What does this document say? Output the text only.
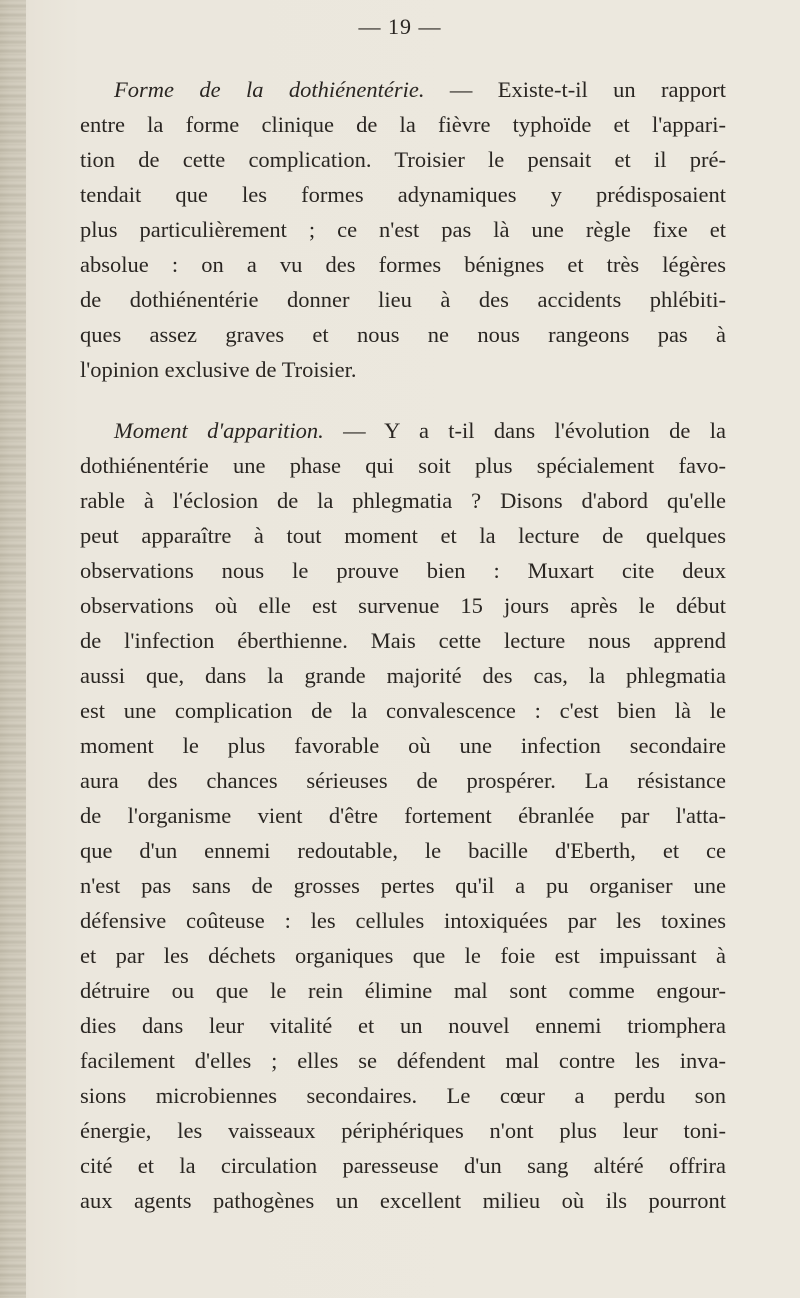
— 19 —
Forme de la dothiénentérie. — Existe-t-il un rapport
entre la forme clinique de la fièvre typhoïde et l'appari-
tion de cette complication. Troisier le pensait et il pré-
tendait que les formes adynamiques y prédisposaient
plus particulièrement ; ce n'est pas là une règle fixe et
absolue : on a vu des formes bénignes et très légères
de dothiénentérie donner lieu à des accidents phlébiti-
ques assez graves et nous ne nous rangeons pas à
l'opinion exclusive de Troisier.
Moment d'apparition. — Y a t-il dans l'évolution de la
dothiénentérie une phase qui soit plus spécialement favo-
rable à l'éclosion de la phlegmatia ? Disons d'abord qu'elle
peut apparaître à tout moment et la lecture de quelques
observations nous le prouve bien : Muxart cite deux
observations où elle est survenue 15 jours après le début
de l'infection éberthienne. Mais cette lecture nous apprend
aussi que, dans la grande majorité des cas, la phlegmatia
est une complication de la convalescence : c'est bien là le
moment le plus favorable où une infection secondaire
aura des chances sérieuses de prospérer. La résistance
de l'organisme vient d'être fortement ébranlée par l'atta-
que d'un ennemi redoutable, le bacille d'Eberth, et ce
n'est pas sans de grosses pertes qu'il a pu organiser une
défensive coûteuse : les cellules intoxiquées par les toxines
et par les déchets organiques que le foie est impuissant à
détruire ou que le rein élimine mal sont comme engour-
dies dans leur vitalité et un nouvel ennemi triomphera
facilement d'elles ; elles se défendent mal contre les inva-
sions microbiennes secondaires. Le cœur a perdu son
énergie, les vaisseaux périphériques n'ont plus leur toni-
cité et la circulation paresseuse d'un sang altéré offrira
aux agents pathogènes un excellent milieu où ils pourront
